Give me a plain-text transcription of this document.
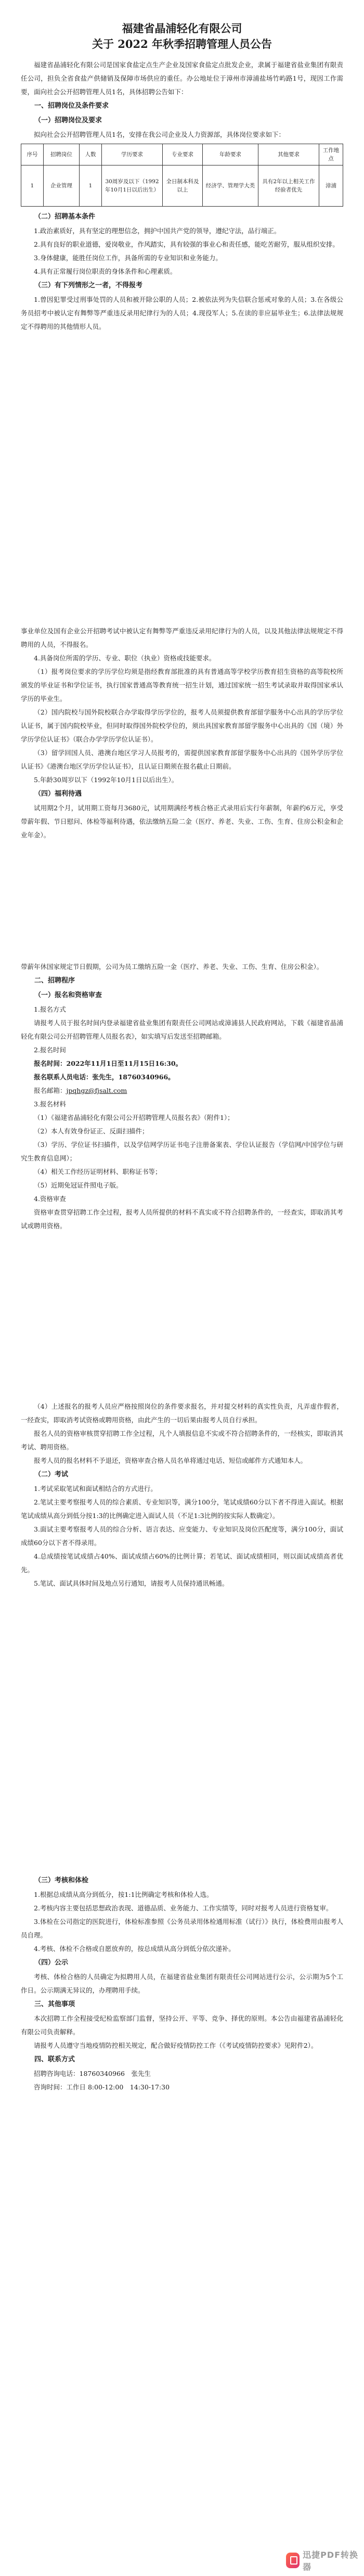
福建省晶浦轻化有限公司
关于 2022 年秋季招聘管理人员公告

福建省晶浦轻化有限公司是国家食盐定点生产企业及国家食盐定点批发企业，隶属于福建省盐业集团有限责任公司，担负全省食盐产供储销及保障市场供应的重任。办公地址位于漳州市漳浦盐场竹屿路1号，现因工作需要，面向社会公开招聘管理人员1名，具体招聘公告如下：

一、招聘岗位及条件要求

（一）招聘岗位及要求

拟向社会公开招聘管理人员1名，安排在我公司企业及人力资源部，具体岗位要求如下：

序号	招聘岗位	人数	学历要求	专业要求	年龄要求	其他要求	工作地点
1	企业管理	1	30周岁及以下（1992年10月1日以后出生）	全日制本科及以上	经济学、管理学大类	具有2年以上相关工作经验者优先	漳浦

（二）招聘基本条件

1.政治素质好，具有坚定的理想信念，拥护中国共产党的领导，遵纪守法，品行端正。

2.具有良好的职业道德，爱岗敬业，作风踏实，具有较强的事业心和责任感，能吃苦耐劳，服从组织安排。

3.身体健康，能胜任岗位工作，具备所需的专业知识和业务能力。

4.具有正常履行岗位职责的身体条件和心理素质。

（三）有下列情形之一者，不得报考

1.曾因犯罪受过刑事处罚的人员和被开除公职的人员；2.被依法列为失信联合惩戒对象的人员；3.在各级公务员招考中被认定有舞弊等严重违反录用纪律行为的人员；4.现役军人；5.在读的非应届毕业生；6.法律法规规定不得聘用的其他情形人员。

事业单位及国有企业公开招聘考试中被认定有舞弊等严重违反录用纪律行为的人员，以及其他法律法规规定不得聘用的人员，不得报名。

4.具备岗位所需的学历、专业、职位（执业）资格或技能要求。

（1）报考岗位要求的学历学位均须是指经教育部批准的具有普通高等学校学历教育招生资格的高等院校所颁发的毕业证书和学位证书，执行国家普通高等教育统一招生计划，通过国家统一招生考试录取并取得国家承认学历的毕业生。

（2）国内院校与国外院校联合办学取得学历学位的，报考人员须提供教育部留学服务中心出具的学历学位认证书，属于国内院校毕业，但同时取得国外院校学位的，须出具国家教育部留学服务中心出具的《国（境）外学历学位认证书》（联合办学学历学位认证书）。

（3）留学回国人员、港澳台地区学习人员报考的，需提供国家教育部留学服务中心出具的《国外学历学位认证书》《港澳台地区学历学位认证书》，且认证日期须在报名截止日期前。

5.年龄30周岁以下（1992年10月1日以后出生）。

（四）福利待遇

试用期2个月，试用期工资每月3680元，试用期满经考核合格正式录用后实行年薪制，年薪约6万元，享受带薪年假、节日慰问、体检等福利待遇，依法缴纳五险二金（医疗、养老、失业、工伤、生育、住房公积金和企业年金）。

带薪年休国家规定节日假期，公司为员工缴纳五险一金（医疗、养老、失业、工伤、生育、住房公积金）。

二、招聘程序

（一）报名和资格审查

1.报名方式

请报考人员于报名时间内登录福建省盐业集团有限责任公司网站或漳浦县人民政府网站，下载《福建省晶浦轻化有限公司公开招聘管理人员报名表》，如实填写后发送至招聘邮箱。

2.报名时间

报名时间：2022年11月1日至11月15日16:30。

报名联系人员电话：张先生，18760340966。

报名邮箱：jpqhgz@fjsalt.com

3.报名材料

（1）《福建省晶浦轻化有限公司公开招聘管理人员报名表》（附件1）；

（2）本人有效身份证正、反面扫描件；

（3）学历、学位证书扫描件，以及学信网学历证书电子注册备案表、学位认证报告（学信网/中国学位与研究生教育信息网）；

（4）相关工作经历证明材料、职称证书等；

（5）近期免冠证件照电子版。

4.资格审查

资格审查贯穿招聘工作全过程，报考人员所提供的材料不真实或不符合招聘条件的，一经查实，即取消其考试或聘用资格。

（4）上述报名的报考人员应严格按照岗位的条件要求报名，并对提交材料的真实性负责，凡弄虚作假者，一经查实，即取消考试资格或聘用资格，由此产生的一切后果由报考人员自行承担。

报名人员的资格审核贯穿招聘工作全过程，凡个人填报信息不实或不符合招聘条件的，一经核实，即取消其考试、聘用资格。

报考人员的报名材料不予退还，资格审查合格人员名单将通过电话、短信或邮件方式通知本人。

（二）考试

1.考试采取笔试和面试相结合的方式进行。

2.笔试主要考察报考人员的综合素质、专业知识等，满分100分，笔试成绩60分以下者不得进入面试。根据笔试成绩从高分到低分按1:3的比例确定进入面试人员（不足1:3比例的按实际人数确定）。

3.面试主要考察报考人员的综合分析、语言表达、应变能力、专业知识及岗位匹配度等，满分100分，面试成绩60分以下者不得录用。

4.总成绩按笔试成绩占40%、面试成绩占60%的比例计算；若笔试、面试成绩相同，则以面试成绩高者优先。

5.笔试、面试具体时间及地点另行通知，请报考人员保持通讯畅通。

（三）考核和体检

1.根据总成绩从高分到低分，按1:1比例确定考核和体检人选。

2.考核内容主要包括思想政治表现、道德品质、业务能力、工作实绩等，同时对报考人员进行资格复审。

3.体检在公司指定的医院进行，体检标准参照《公务员录用体检通用标准（试行）》执行，体检费用由报考人员自理。

4.考核、体检不合格或自愿放弃的，按总成绩从高分到低分依次递补。

（四）公示

考核、体检合格的人员确定为拟聘用人员，在福建省盐业集团有限责任公司网站进行公示，公示期为5个工作日。公示期满无异议的，办理聘用手续。

三、其他事项

本次招聘工作全程接受纪检监察部门监督，坚持公开、平等、竞争、择优的原则。本公告由福建省晶浦轻化有限公司负责解释。

请报考人员遵守当地疫情防控相关规定，配合做好疫情防控工作（《考试疫情防控要求》见附件2）。

四、联系方式

招聘咨询电话：18760340966　 张先生

咨询时间：工作日 8:00-12:00　14:30-17:30

迅捷PDF转换器
